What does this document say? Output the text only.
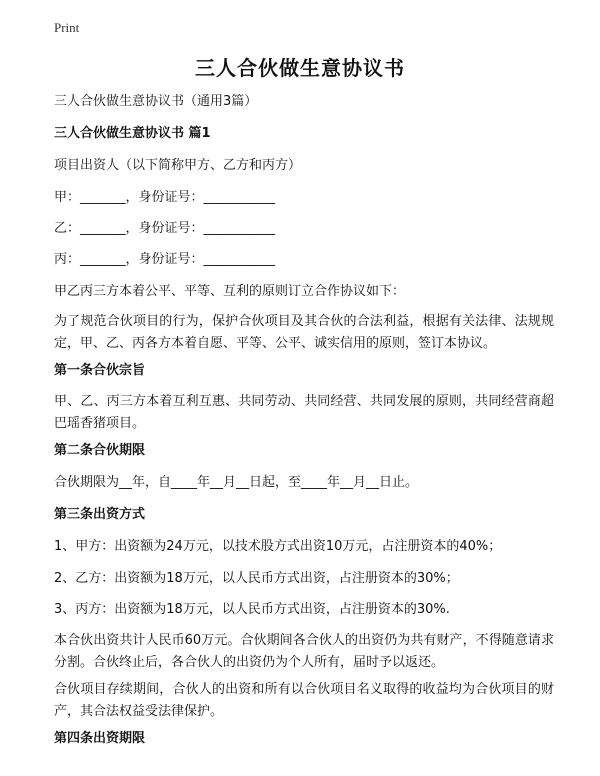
Print
三人合伙做生意协议书
三人合伙做生意协议书（通用3篇）
三人合伙做生意协议书 篇1
项目出资人（以下简称甲方、乙方和丙方）
甲：_______，身份证号：___________
乙：_______，身份证号：___________
丙：_______，身份证号：___________
甲乙丙三方本着公平、平等、互利的原则订立合作协议如下：
为了规范合伙项目的行为，保护合伙项目及其合伙的合法利益，根据有关法律、法规规定，甲、乙、丙各方本着自愿、平等、公平、诚实信用的原则，签订本协议。
第一条合伙宗旨
甲、乙、丙三方本着互利互惠、共同劳动、共同经营、共同发展的原则，共同经营商超巴瑶香猪项目。
第二条合伙期限
合伙期限为__年，自____年__月__日起，至____年__月__日止。
第三条出资方式
1、甲方：出资额为24万元，以技术股方式出资10万元，占注册资本的40%；
2、乙方：出资额为18万元，以人民币方式出资，占注册资本的30%；
3、丙方：出资额为18万元，以人民币方式出资，占注册资本的30%.
本合伙出资共计人民币60万元。合伙期间各合伙人的出资仍为共有财产，不得随意请求分割。合伙终止后，各合伙人的出资仍为个人所有，届时予以返还。
合伙项目存续期间，合伙人的出资和所有以合伙项目名义取得的收益均为合伙项目的财产，其合法权益受法律保护。
第四条出资期限
